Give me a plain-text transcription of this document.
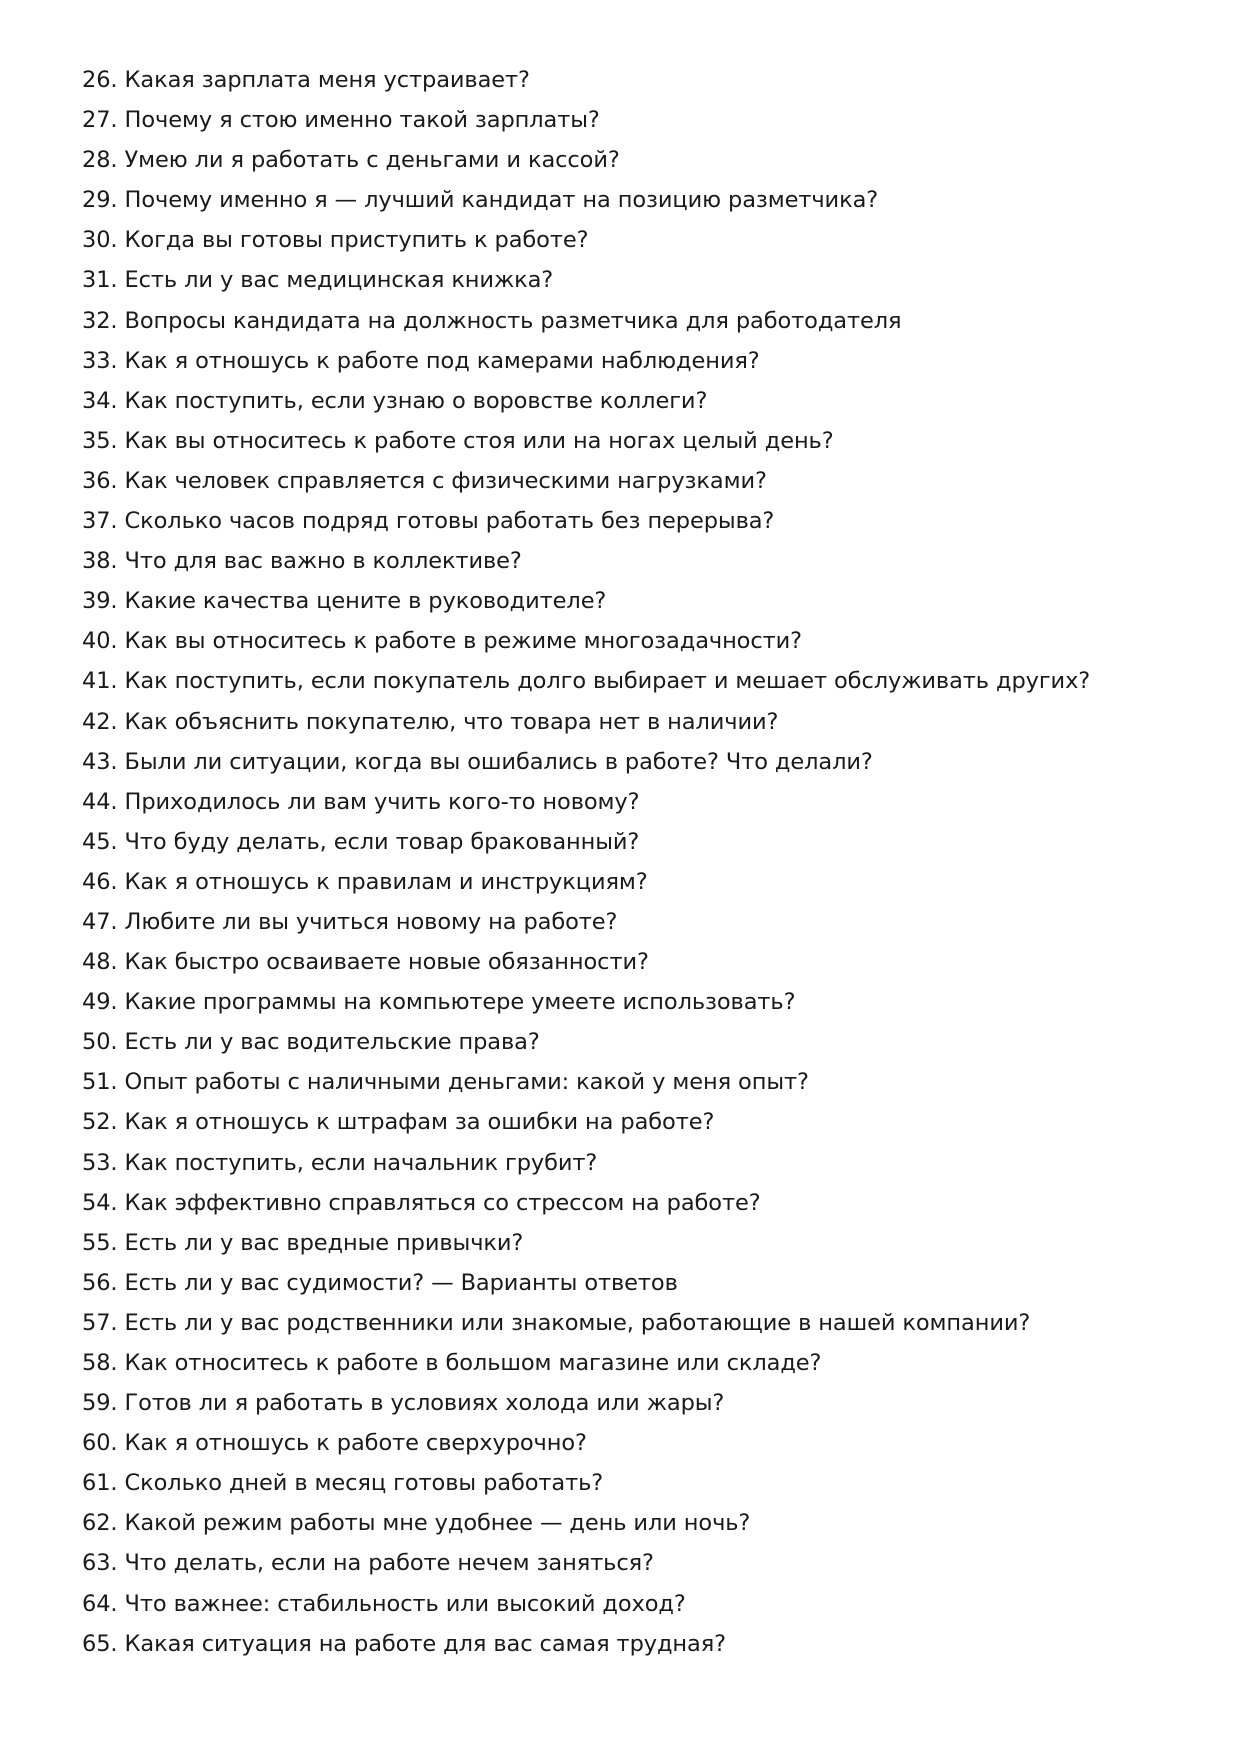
26. Какая зарплата меня устраивает?
27. Почему я стою именно такой зарплаты?
28. Умею ли я работать с деньгами и кассой?
29. Почему именно я — лучший кандидат на позицию разметчика?
30. Когда вы готовы приступить к работе?
31. Есть ли у вас медицинская книжка?
32. Вопросы кандидата на должность разметчика для работодателя
33. Как я отношусь к работе под камерами наблюдения?
34. Как поступить, если узнаю о воровстве коллеги?
35. Как вы относитесь к работе стоя или на ногах целый день?
36. Как человек справляется с физическими нагрузками?
37. Сколько часов подряд готовы работать без перерыва?
38. Что для вас важно в коллективе?
39. Какие качества цените в руководителе?
40. Как вы относитесь к работе в режиме многозадачности?
41. Как поступить, если покупатель долго выбирает и мешает обслуживать других?
42. Как объяснить покупателю, что товара нет в наличии?
43. Были ли ситуации, когда вы ошибались в работе? Что делали?
44. Приходилось ли вам учить кого-то новому?
45. Что буду делать, если товар бракованный?
46. Как я отношусь к правилам и инструкциям?
47. Любите ли вы учиться новому на работе?
48. Как быстро осваиваете новые обязанности?
49. Какие программы на компьютере умеете использовать?
50. Есть ли у вас водительские права?
51. Опыт работы с наличными деньгами: какой у меня опыт?
52. Как я отношусь к штрафам за ошибки на работе?
53. Как поступить, если начальник грубит?
54. Как эффективно справляться со стрессом на работе?
55. Есть ли у вас вредные привычки?
56. Есть ли у вас судимости? — Варианты ответов
57. Есть ли у вас родственники или знакомые, работающие в нашей компании?
58. Как относитесь к работе в большом магазине или складе?
59. Готов ли я работать в условиях холода или жары?
60. Как я отношусь к работе сверхурочно?
61. Сколько дней в месяц готовы работать?
62. Какой режим работы мне удобнее — день или ночь?
63. Что делать, если на работе нечем заняться?
64. Что важнее: стабильность или высокий доход?
65. Какая ситуация на работе для вас самая трудная?
